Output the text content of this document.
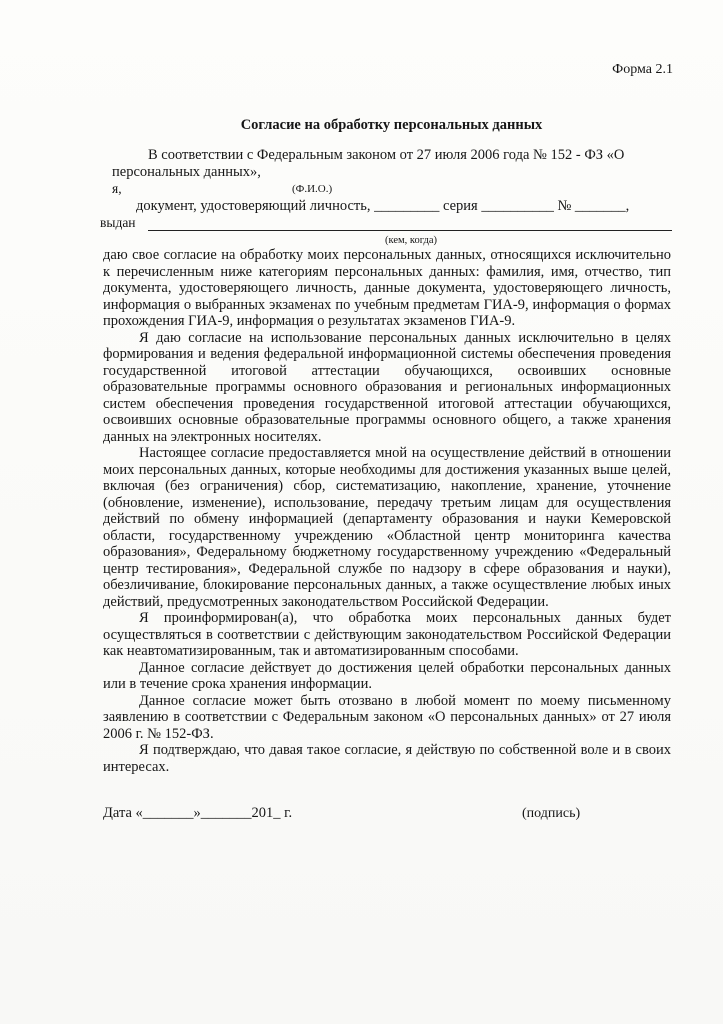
Форма 2.1
Согласие на обработку персональных данных
В соответствии с Федеральным законом от 27 июля 2006 года № 152 - ФЗ «О
персональных данных»,
я,	(Ф.И.О.)
документ, удостоверяющий личность, _________ серия __________ № _______,
выдан
(кем, когда)

даю свое согласие на обработку моих персональных данных, относящихся исключительно к перечисленным ниже категориям персональных данных: фамилия, имя, отчество, тип документа, удостоверяющего личность, данные документа, удостоверяющего личность, информация о выбранных экзаменах по учебным предметам ГИА-9, информация о формах прохождения ГИА-9, информация о результатах экзаменов ГИА-9.

Я даю согласие на использование персональных данных исключительно в целях формирования и ведения федеральной информационной системы обеспечения проведения государственной итоговой аттестации обучающихся, освоивших основные образовательные программы основного образования и региональных информационных систем обеспечения проведения государственной итоговой аттестации обучающихся, освоивших основные образовательные программы основного общего, а также хранения данных на электронных носителях.

Настоящее согласие предоставляется мной на осуществление действий в отношении моих персональных данных, которые необходимы для достижения указанных выше целей, включая (без ограничения) сбор, систематизацию, накопление, хранение, уточнение (обновление, изменение), использование, передачу третьим лицам для осуществления действий по обмену информацией (департаменту образования и науки Кемеровской области, государственному учреждению «Областной центр мониторинга качества образования», Федеральному бюджетному государственному учреждению «Федеральный центр тестирования», Федеральной службе по надзору в сфере образования и науки), обезличивание, блокирование персональных данных, а также осуществление любых иных действий, предусмотренных законодательством Российской Федерации.

Я проинформирован(а), что обработка моих персональных данных будет осуществляться в соответствии с действующим законодательством Российской Федерации как неавтоматизированным, так и автоматизированным способами.

Данное согласие действует до достижения целей обработки персональных данных или в течение срока хранения информации.

Данное согласие может быть отозвано в любой момент по моему письменному заявлению в соответствии с Федеральным законом «О персональных данных» от 27 июля 2006 г. № 152-ФЗ.

Я подтверждаю, что давая такое согласие, я действую по собственной воле и в своих интересах.

Дата «_______»_______201_ г.	(подпись)
